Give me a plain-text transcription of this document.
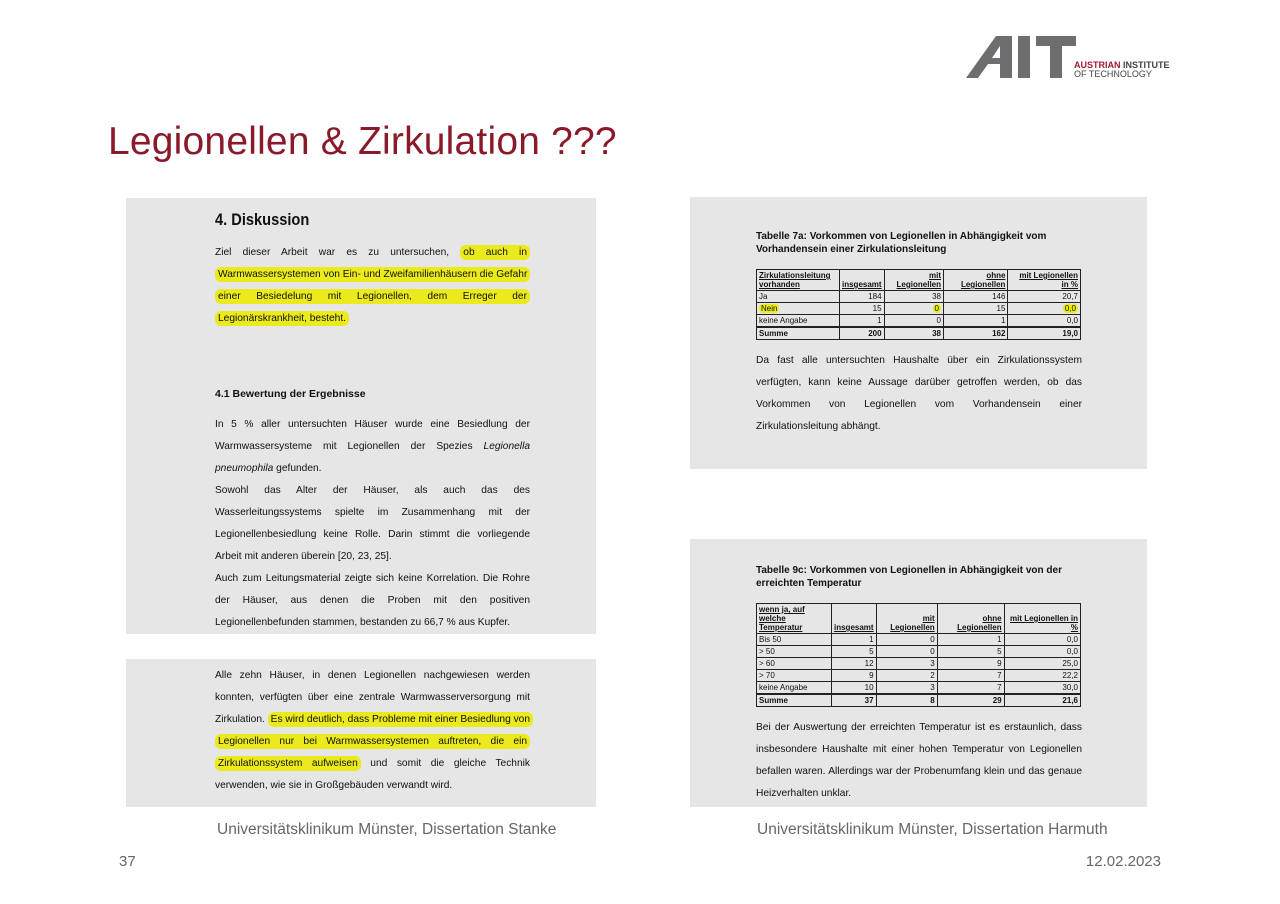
AUSTRIAN INSTITUTE
OF TECHNOLOGY
Legionellen & Zirkulation ???
4. Diskussion

Ziel dieser Arbeit war es zu untersuchen, ob auch in Warmwassersystemen von Ein- und Zweifamilienhäusern die Gefahr einer Besiedelung mit Legionellen, dem Erreger der Legionärskrankheit, besteht.

4.1 Bewertung der Ergebnisse

In 5 % aller untersuchten Häuser wurde eine Besiedlung der Warmwassersysteme mit Legionellen der Spezies Legionella pneumophila gefunden.

Sowohl das Alter der Häuser, als auch das des Wasserleitungssystems spielte im Zusammenhang mit der Legionellenbesiedlung keine Rolle. Darin stimmt die vorliegende Arbeit mit anderen überein [20, 23, 25].

Auch zum Leitungsmaterial zeigte sich keine Korrelation. Die Rohre der Häuser, aus denen die Proben mit den positiven Legionellenbefunden stammen, bestanden zu 66,7 % aus Kupfer.

Alle zehn Häuser, in denen Legionellen nachgewiesen werden konnten, verfügten über eine zentrale Warmwasserversorgung mit Zirkulation. Es wird deutlich, dass Probleme mit einer Besiedlung von Legionellen nur bei Warmwassersystemen auftreten, die ein Zirkulationssystem aufweisen und somit die gleiche Technik verwenden, wie sie in Großgebäuden verwandt wird.

Tabelle 7a: Vorkommen von Legionellen in Abhängigkeit vom Vorhandensein einer Zirkulationsleitung
Zirkulationsleitung vorhanden	insgesamt	mit Legionellen	ohne Legionellen	mit Legionellen in %
Ja	184	38	146	20,7
Nein	15	0	15	0,0
keine Angabe	1	0	1	0,0
Summe	200	38	162	19,0
Da fast alle untersuchten Haushalte über ein Zirkulationssystem verfügten, kann keine Aussage darüber getroffen werden, ob das Vorkommen von Legionellen vom Vorhandensein einer Zirkulationsleitung abhängt.
Tabelle 9c: Vorkommen von Legionellen in Abhängigkeit von der erreichten Temperatur
wenn ja, auf welche Temperatur	insgesamt	mit Legionellen	ohne Legionellen	mit Legionellen in %
Bis 50	1	0	1	0,0
> 50	5	0	5	0,0
> 60	12	3	9	25,0
> 70	9	2	7	22,2
keine Angabe	10	3	7	30,0
Summe	37	8	29	21,6
Bei der Auswertung der erreichten Temperatur ist es erstaunlich, dass insbesondere Haushalte mit einer hohen Temperatur von Legionellen befallen waren. Allerdings war der Probenumfang klein und das genaue Heizverhalten unklar.
Universitätsklinikum Münster, Dissertation Stanke	Universitätsklinikum Münster, Dissertation Harmuth
37	12.02.2023
